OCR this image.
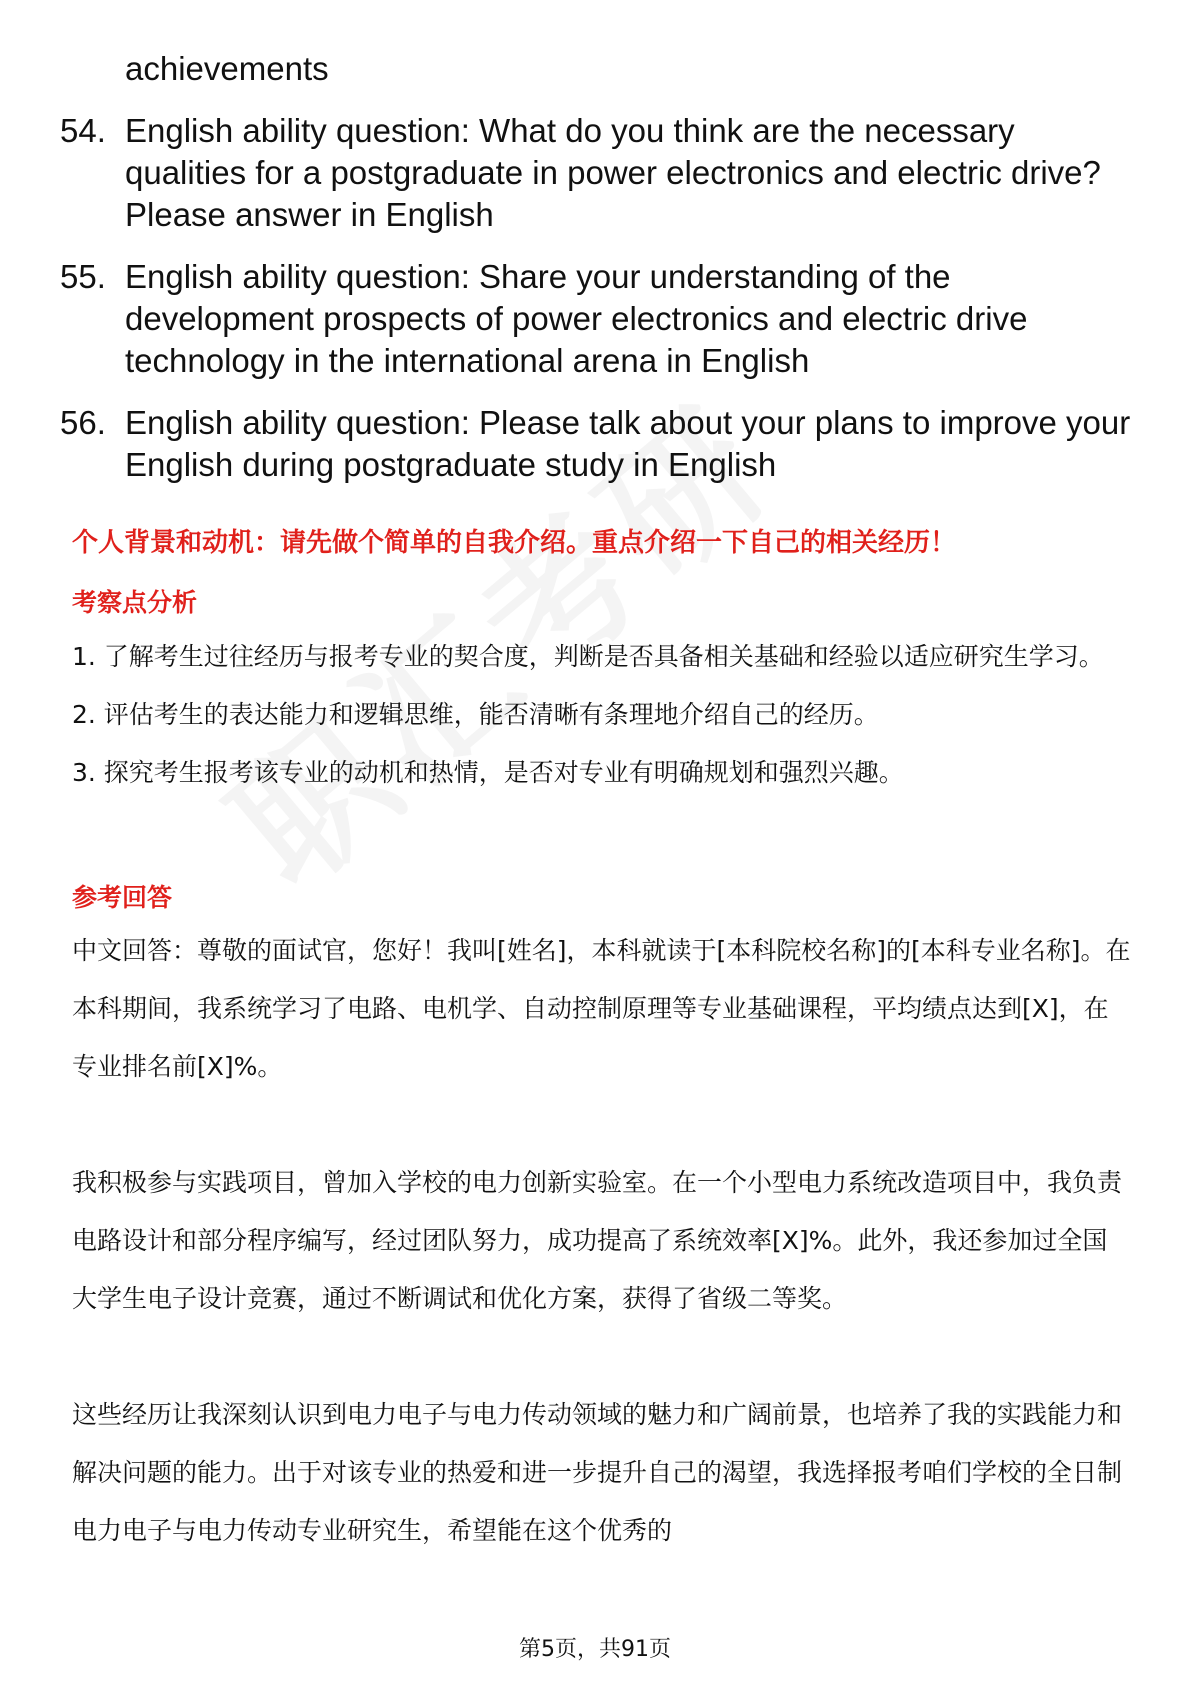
achievements
54. English ability question: What do you think are the necessary qualities for a postgraduate in power electronics and electric drive? Please answer in English
55. English ability question: Share your understanding of the development prospects of power electronics and electric drive technology in the international arena in English
56. English ability question: Please talk about your plans to improve your English during postgraduate study in English
个人背景和动机：请先做个简单的自我介绍。重点介绍一下自己的相关经历！
考察点分析
1. 了解考生过往经历与报考专业的契合度，判断是否具备相关基础和经验以适应研究生学习。
2. 评估考生的表达能力和逻辑思维，能否清晰有条理地介绍自己的经历。
3. 探究考生报考该专业的动机和热情，是否对专业有明确规划和强烈兴趣。
参考回答

中文回答：尊敬的面试官，您好！我叫[姓名]，本科就读于[本科院校名称]的[本科专业名称]。在本科期间，我系统学习了电路、电机学、自动控制原理等专业基础课程，平均绩点达到[X]，在专业排名前[X]%。

我积极参与实践项目，曾加入学校的电力创新实验室。在一个小型电力系统改造项目中，我负责电路设计和部分程序编写，经过团队努力，成功提高了系统效率[X]%。此外，我还参加过全国大学生电子设计竞赛，通过不断调试和优化方案，获得了省级二等奖。

这些经历让我深刻认识到电力电子与电力传动领域的魅力和广阔前景，也培养了我的实践能力和解决问题的能力。出于对该专业的热爱和进一步提升自己的渴望，我选择报考咱们学校的全日制电力电子与电力传动专业研究生，希望能在这个优秀的

第5页，共91页
